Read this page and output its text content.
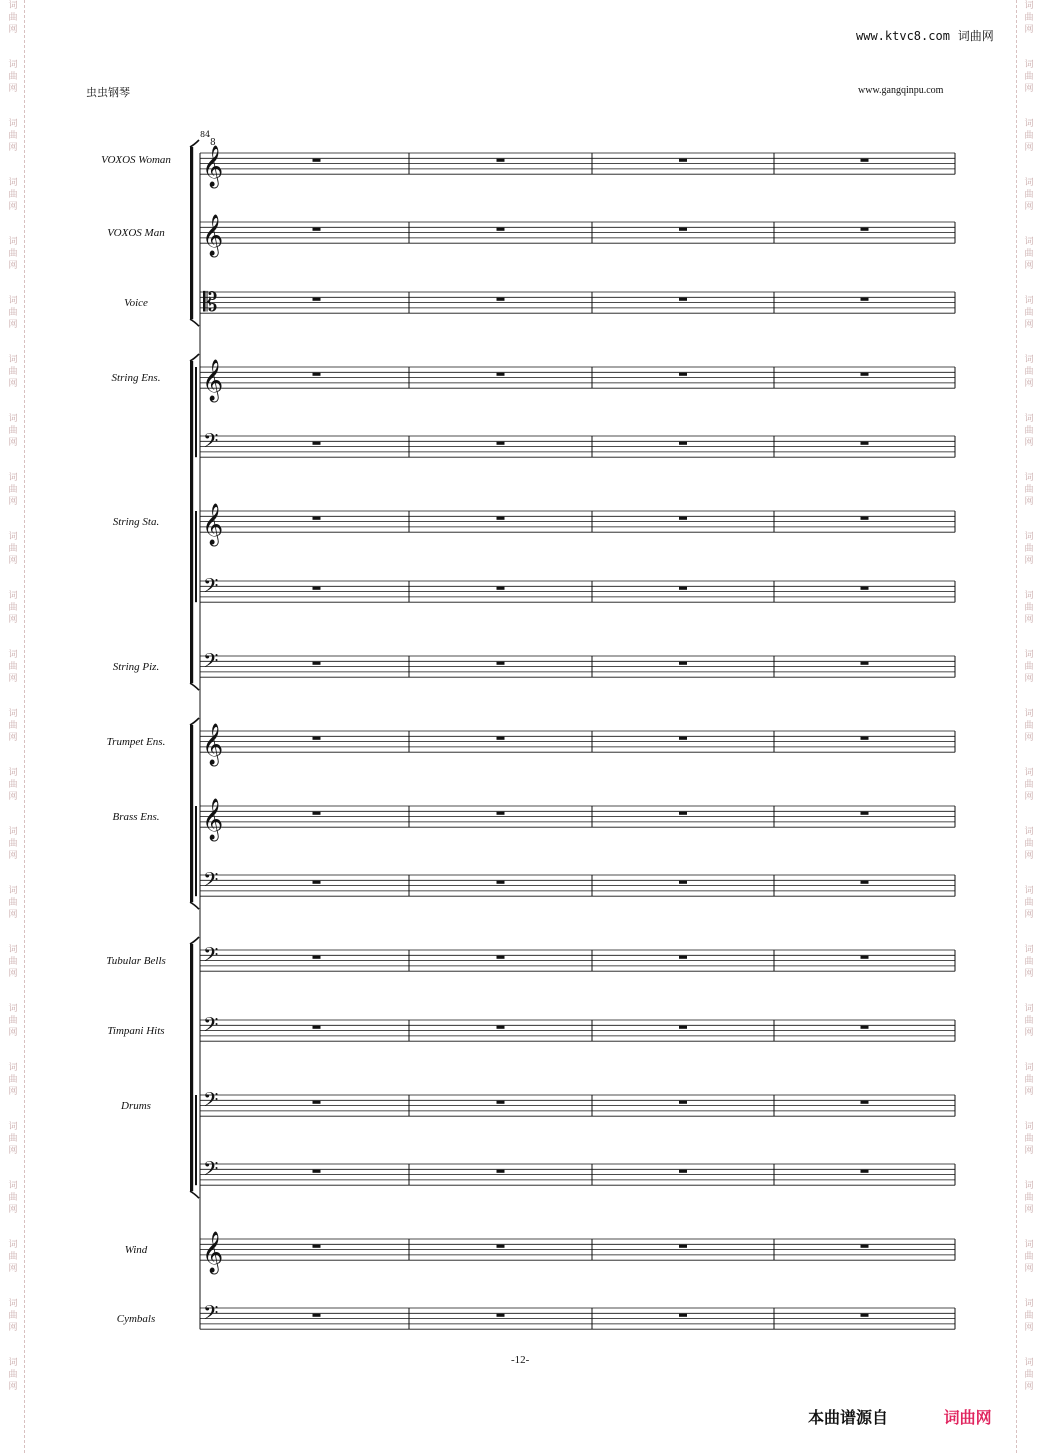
词
曲
网
词
曲
网
词
曲
网
词
曲
网
词
曲
网
词
曲
网
词
曲
网
词
曲
网
词
曲
网
词
曲
网
词
曲
网
词
曲
网
词
曲
网
词
曲
网
词
曲
网
词
曲
网
词
曲
网
词
曲
网
词
曲
网
词
曲
网
词
曲
网
词
曲
网
词
曲
网
词
曲
网
词
曲
网
词
曲
网
词
曲
网
词
曲
网
词
曲
网
词
曲
网
词
曲
网
词
曲
网
词
曲
网
词
曲
网
词
曲
网
词
曲
网
词
曲
网
词
曲
网
词
曲
网
词
曲
网
词
曲
网
词
曲
网
词
曲
网
词
曲
网
词
曲
网
词
曲
网
词
曲
网
词
曲
网
www.ktvc8.com 词曲网
虫虫钢琴	www.gangqinpu.com
VOXOS Woman
VOXOS Man
Voice
String Ens.
String Sta.
String Piz.
Trumpet Ens.
Brass Ens.
Tubular Bells
Timpani Hits
Drums
Wind
Cymbals
𝄞
𝄞
𝄡
𝄞
𝄢
𝄞
𝄢
𝄢
𝄞
𝄞
𝄢
𝄢
𝄢
𝄢
𝄢
𝄞
𝄢
84
8
-12-
本曲谱源自	词曲网
